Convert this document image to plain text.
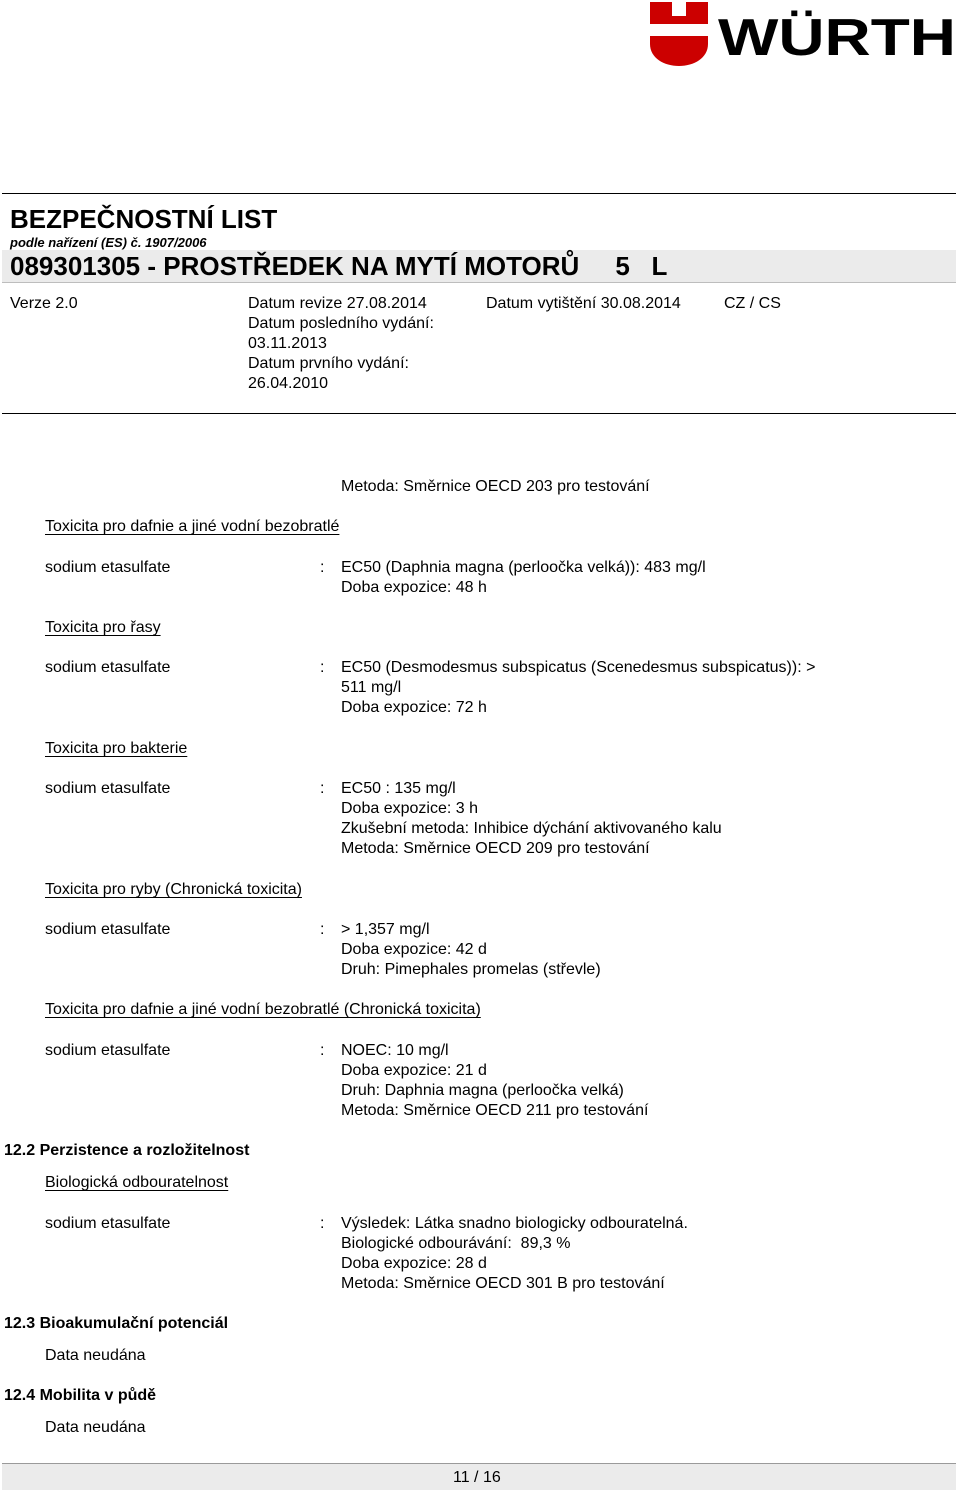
WÜRTH
BEZPEČNOSTNÍ LIST
podle nařízení (ES) č. 1907/2006
089301305 - PROSTŘEDEK NA MYTÍ MOTORŮ     5   L
Verze 2.0	Datum revize 27.08.2014
Datum posledního vydání:
03.11.2013
Datum prvního vydání:
26.04.2010
Datum vytištění 30.08.2014	CZ / CS
Metoda: Směrnice OECD 203 pro testování
Toxicita pro dafnie a jiné vodní bezobratlé
sodium etasulfate	: EC50 (Daphnia magna (perloočka velká)): 483 mg/l
Doba expozice: 48 h
Toxicita pro řasy
sodium etasulfate	: EC50 (Desmodesmus subspicatus (Scenedesmus subspicatus)): >
511 mg/l
Doba expozice: 72 h
Toxicita pro bakterie
sodium etasulfate	: EC50 : 135 mg/l
Doba expozice: 3 h
Zkušební metoda: Inhibice dýchání aktivovaného kalu
Metoda: Směrnice OECD 209 pro testování
Toxicita pro ryby (Chronická toxicita)
sodium etasulfate	: > 1,357 mg/l
Doba expozice: 42 d
Druh: Pimephales promelas (střevle)
Toxicita pro dafnie a jiné vodní bezobratlé (Chronická toxicita)
sodium etasulfate	: NOEC: 10 mg/l
Doba expozice: 21 d
Druh: Daphnia magna (perloočka velká)
Metoda: Směrnice OECD 211 pro testování
12.2 Perzistence a rozložitelnost
Biologická odbouratelnost
sodium etasulfate	: Výsledek: Látka snadno biologicky odbouratelná.
Biologické odbourávání:  89,3 %
Doba expozice: 28 d
Metoda: Směrnice OECD 301 B pro testování
12.3 Bioakumulační potenciál
Data neudána
12.4 Mobilita v půdě
Data neudána
11 / 16
